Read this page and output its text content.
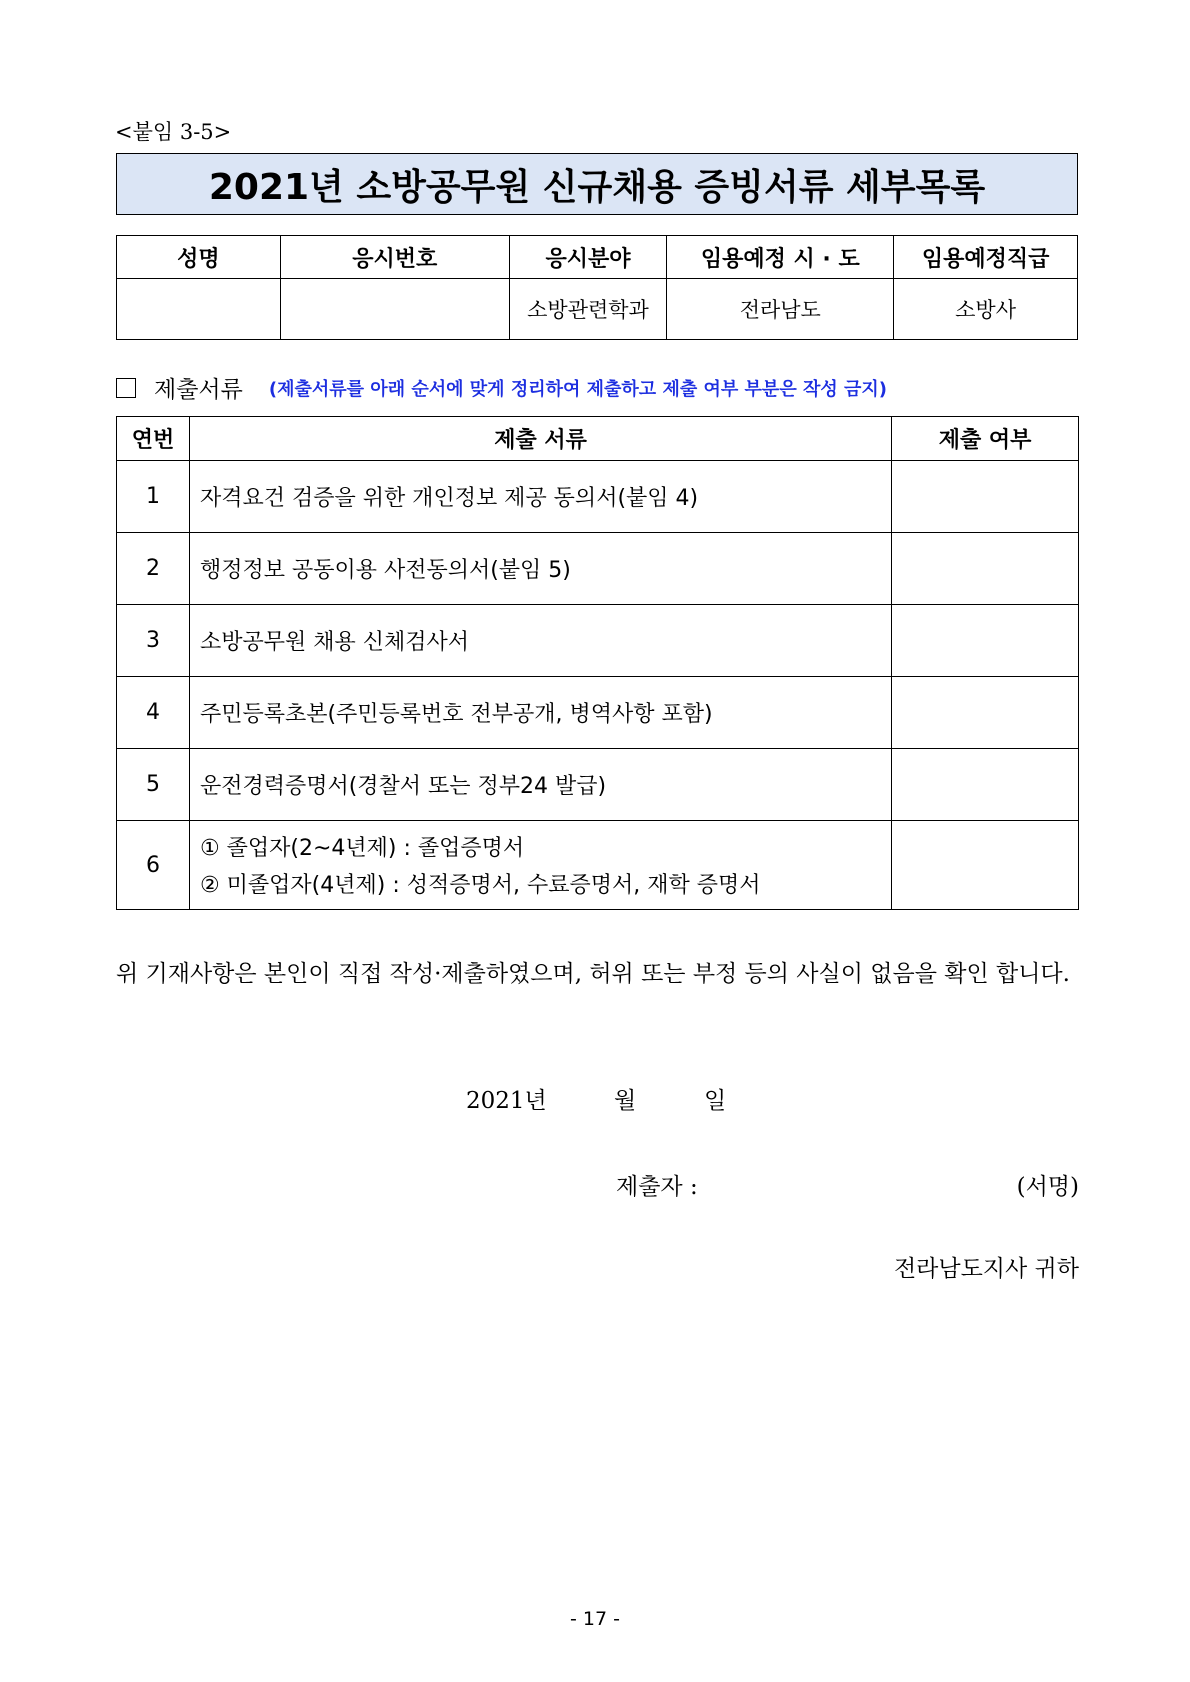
<붙임 3-5>
2021년 소방공무원 신규채용 증빙서류 세부목록
성명	응시번호	응시분야	임용예정 시 · 도	임용예정직급
		소방관련학과	전라남도	소방사
제출서류 (제출서류를 아래 순서에 맞게 정리하여 제출하고 제출 여부 부분은 작성 금지)
연번	제출 서류	제출 여부
1	자격요건 검증을 위한 개인정보 제공 동의서(붙임 4)	
2	행정정보 공동이용 사전동의서(붙임 5)	
3	소방공무원 채용 신체검사서	
4	주민등록초본(주민등록번호 전부공개, 병역사항 포함)	
5	운전경력증명서(경찰서 또는 정부24 발급)	
6	① 졸업자(2~4년제) : 졸업증명서
② 미졸업자(4년제) : 성적증명서, 수료증명서, 재학 증명서	

위 기재사항은 본인이 직접 작성·제출하였으며, 허위 또는 부정 등의 사실이 없음을 확인 합니다.
2021년	월	일
제출자 :	(서명)
전라남도지사 귀하
- 17 -
